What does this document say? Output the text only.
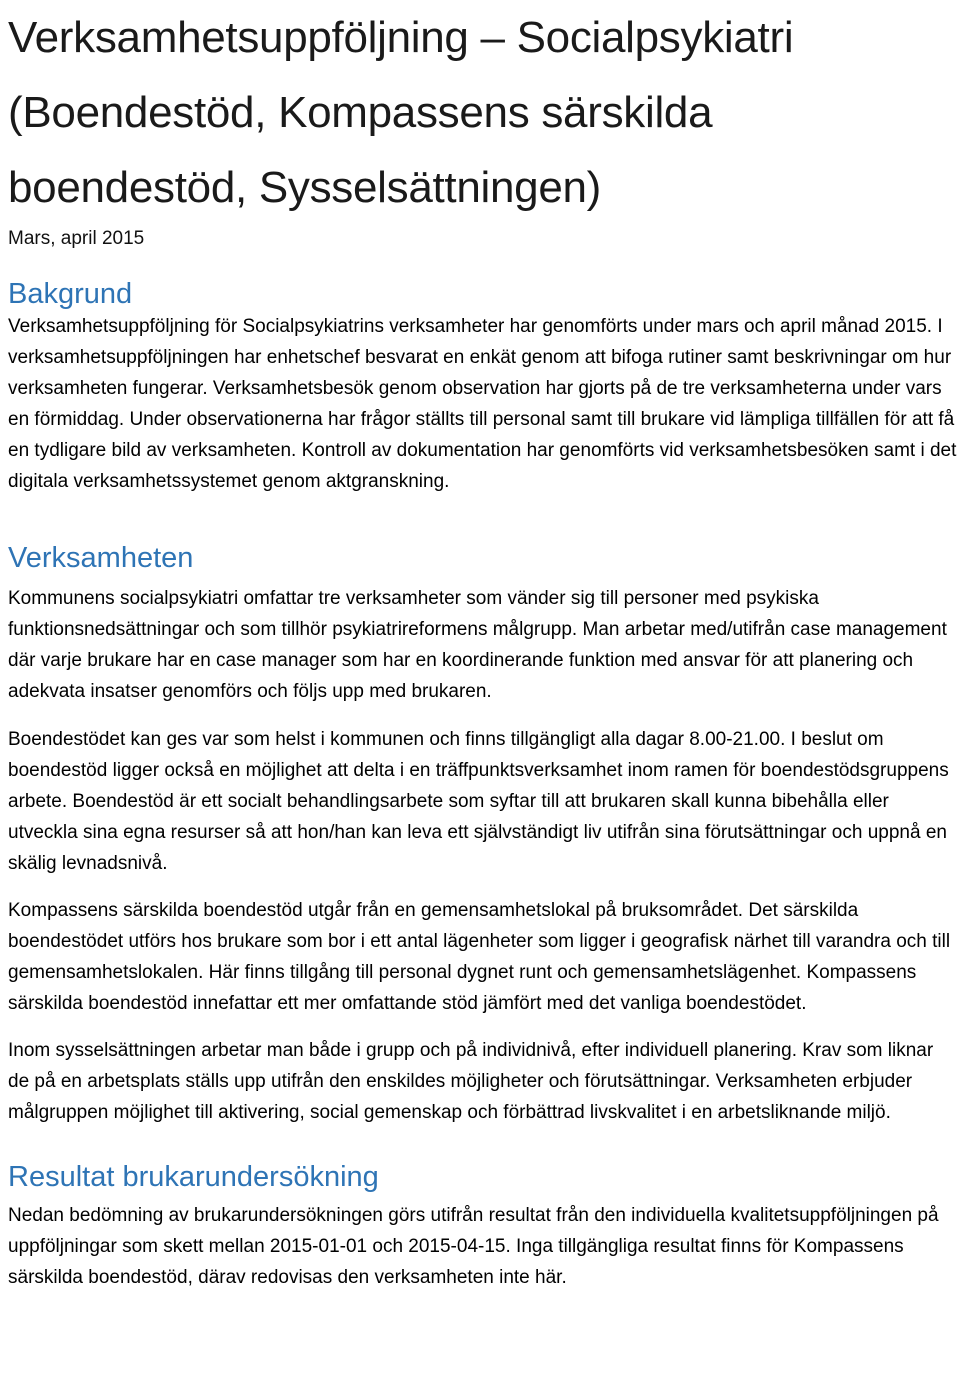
Verksamhetsuppföljning – Socialpsykiatri (Boendestöd, Kompassens särskilda boendestöd, Sysselsättningen)
Mars, april 2015
Bakgrund

Verksamhetsuppföljning för Socialpsykiatrins verksamheter har genomförts under mars och april månad 2015. I verksamhetsuppföljningen har enhetschef besvarat en enkät genom att bifoga rutiner samt beskrivningar om hur verksamheten fungerar. Verksamhetsbesök genom observation har gjorts på de tre verksamheterna under vars en förmiddag. Under observationerna har frågor ställts till personal samt till brukare vid lämpliga tillfällen för att få en tydligare bild av verksamheten. Kontroll av dokumentation har genomförts vid verksamhetsbesöken samt i det digitala verksamhetssystemet genom aktgranskning.

Verksamheten

Kommunens socialpsykiatri omfattar tre verksamheter som vänder sig till personer med psykiska funktionsnedsättningar och som tillhör psykiatrireformens målgrupp. Man arbetar med/utifrån case management där varje brukare har en case manager som har en koordinerande funktion med ansvar för att planering och adekvata insatser genomförs och följs upp med brukaren.

Boendestödet kan ges var som helst i kommunen och finns tillgängligt alla dagar 8.00-21.00. I beslut om boendestöd ligger också en möjlighet att delta i en träffpunktsverksamhet inom ramen för boendestödsgruppens arbete. Boendestöd är ett socialt behandlingsarbete som syftar till att brukaren skall kunna bibehålla eller utveckla sina egna resurser så att hon/han kan leva ett självständigt liv utifrån sina förutsättningar och uppnå en skälig levnadsnivå.

Kompassens särskilda boendestöd utgår från en gemensamhetslokal på bruksområdet. Det särskilda boendestödet utförs hos brukare som bor i ett antal lägenheter som ligger i geografisk närhet till varandra och till gemensamhetslokalen. Här finns tillgång till personal dygnet runt och gemensamhetslägenhet. Kompassens särskilda boendestöd innefattar ett mer omfattande stöd jämfört med det vanliga boendestödet.

Inom sysselsättningen arbetar man både i grupp och på individnivå, efter individuell planering. Krav som liknar de på en arbetsplats ställs upp utifrån den enskildes möjligheter och förutsättningar. Verksamheten erbjuder målgruppen möjlighet till aktivering, social gemenskap och förbättrad livskvalitet i en arbetsliknande miljö.

Resultat brukarundersökning

Nedan bedömning av brukarundersökningen görs utifrån resultat från den individuella kvalitetsuppföljningen på uppföljningar som skett mellan 2015-01-01 och 2015-04-15. Inga tillgängliga resultat finns för Kompassens särskilda boendestöd, därav redovisas den verksamheten inte här.
